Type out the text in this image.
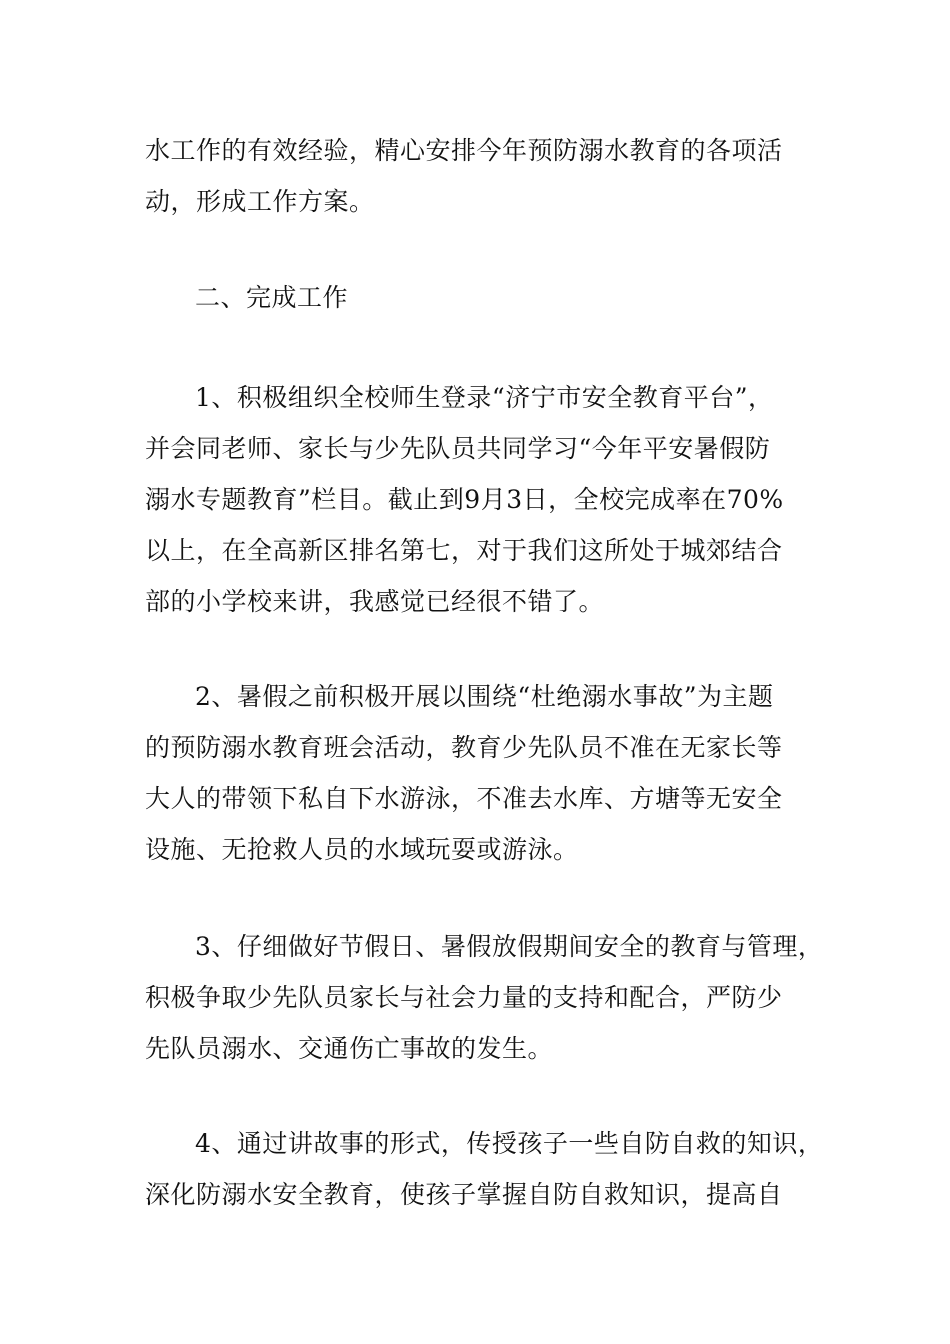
水工作的有效经验，精心安排今年预防溺水教育的各项活
动，形成工作方案。
二、完成工作
1、积极组织全校师生登录“济宁市安全教育平台”，
并会同老师、家长与少先队员共同学习“今年平安暑假防
溺水专题教育”栏目。截止到9月3日，全校完成率在70%
以上，在全高新区排名第七，对于我们这所处于城郊结合
部的小学校来讲，我感觉已经很不错了。
2、暑假之前积极开展以围绕“杜绝溺水事故”为主题
的预防溺水教育班会活动，教育少先队员不准在无家长等
大人的带领下私自下水游泳，不准去水库、方塘等无安全
设施、无抢救人员的水域玩耍或游泳。
3、仔细做好节假日、暑假放假期间安全的教育与管理，
积极争取少先队员家长与社会力量的支持和配合，严防少
先队员溺水、交通伤亡事故的发生。
4、通过讲故事的形式，传授孩子一些自防自救的知识，
深化防溺水安全教育，使孩子掌握自防自救知识，提高自
